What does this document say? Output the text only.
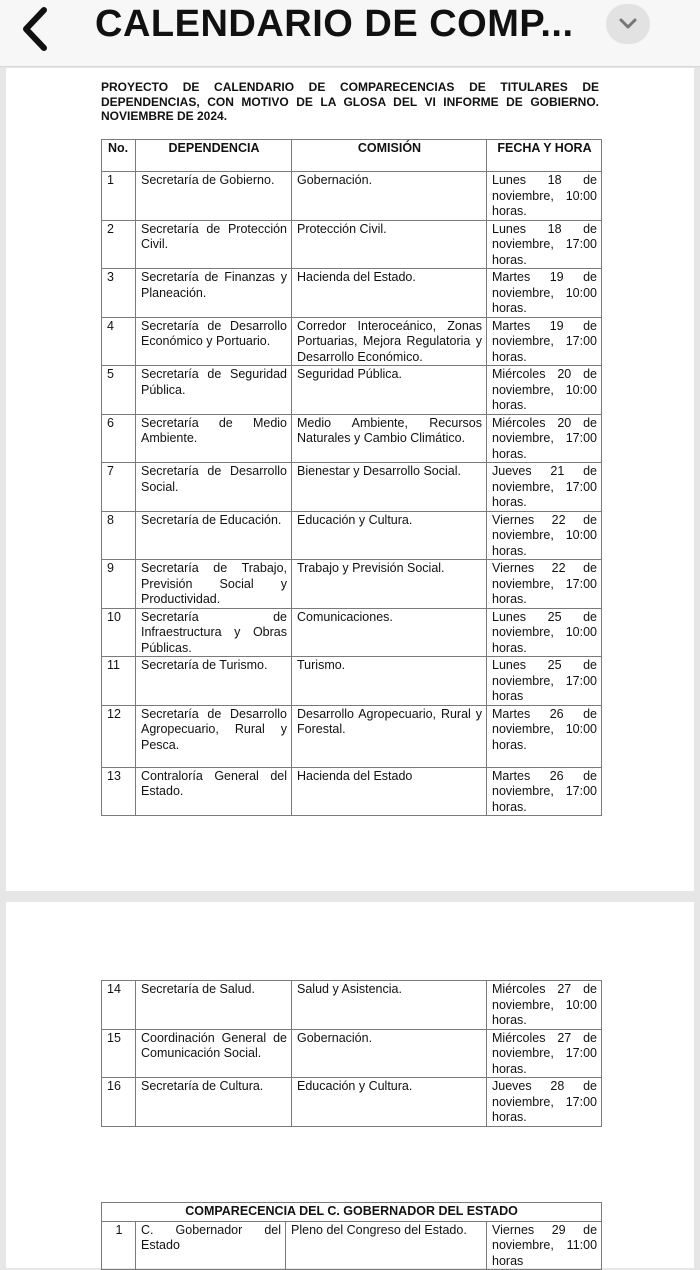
CALENDARIO DE COMP...
PROYECTO DE CALENDARIO DE COMPARECENCIAS DE TITULARES DE DEPENDENCIAS, CON MOTIVO DE LA GLOSA DEL VI INFORME DE GOBIERNO. NOVIEMBRE DE 2024.
No.	DEPENDENCIA	COMISIÓN	FECHA Y HORA
1	Secretaría de Gobierno.	Gobernación.	Lunes 18 de noviembre, 10:00 horas.
2	Secretaría de Protección Civil.	Protección Civil.	Lunes 18 de noviembre, 17:00 horas.
3	Secretaría de Finanzas y Planeación.	Hacienda del Estado.	Martes 19 de noviembre, 10:00 horas.
4	Secretaría de Desarrollo Económico y Portuario.	Corredor Interoceánico, Zonas Portuarias, Mejora Regulatoria y Desarrollo Económico.	Martes 19 de noviembre, 17:00 horas.
5	Secretaría de Seguridad Pública.	Seguridad Pública.	Miércoles 20 de noviembre, 10:00 horas.
6	Secretaría de Medio Ambiente.	Medio Ambiente, Recursos Naturales y Cambio Climático.	Miércoles 20 de noviembre, 17:00 horas.
7	Secretaría de Desarrollo Social.	Bienestar y Desarrollo Social.	Jueves 21 de noviembre, 17:00 horas.
8	Secretaría de Educación.	Educación y Cultura.	Viernes 22 de noviembre, 10:00 horas.
9	Secretaría de Trabajo, Previsión Social y Productividad.	Trabajo y Previsión Social.	Viernes 22 de noviembre, 17:00 horas.
10	Secretaría de Infraestructura y Obras Públicas.	Comunicaciones.	Lunes 25 de noviembre, 10:00 horas.
11	Secretaría de Turismo.	Turismo.	Lunes 25 de noviembre, 17:00 horas
12	Secretaría de Desarrollo Agropecuario, Rural y Pesca.	Desarrollo Agropecuario, Rural y Forestal.	Martes 26 de noviembre, 10:00 horas.
13	Contraloría General del Estado.	Hacienda del Estado	Martes 26 de noviembre, 17:00 horas.
14	Secretaría de Salud.	Salud y Asistencia.	Miércoles 27 de noviembre, 10:00 horas.
15	Coordinación General de Comunicación Social.	Gobernación.	Miércoles 27 de noviembre, 17:00 horas.
16	Secretaría de Cultura.	Educación y Cultura.	Jueves 28 de noviembre, 17:00 horas.
COMPARECENCIA DEL C. GOBERNADOR DEL ESTADO
1	C. Gobernador del Estado	Pleno del Congreso del Estado.	Viernes 29 de noviembre, 11:00 horas
